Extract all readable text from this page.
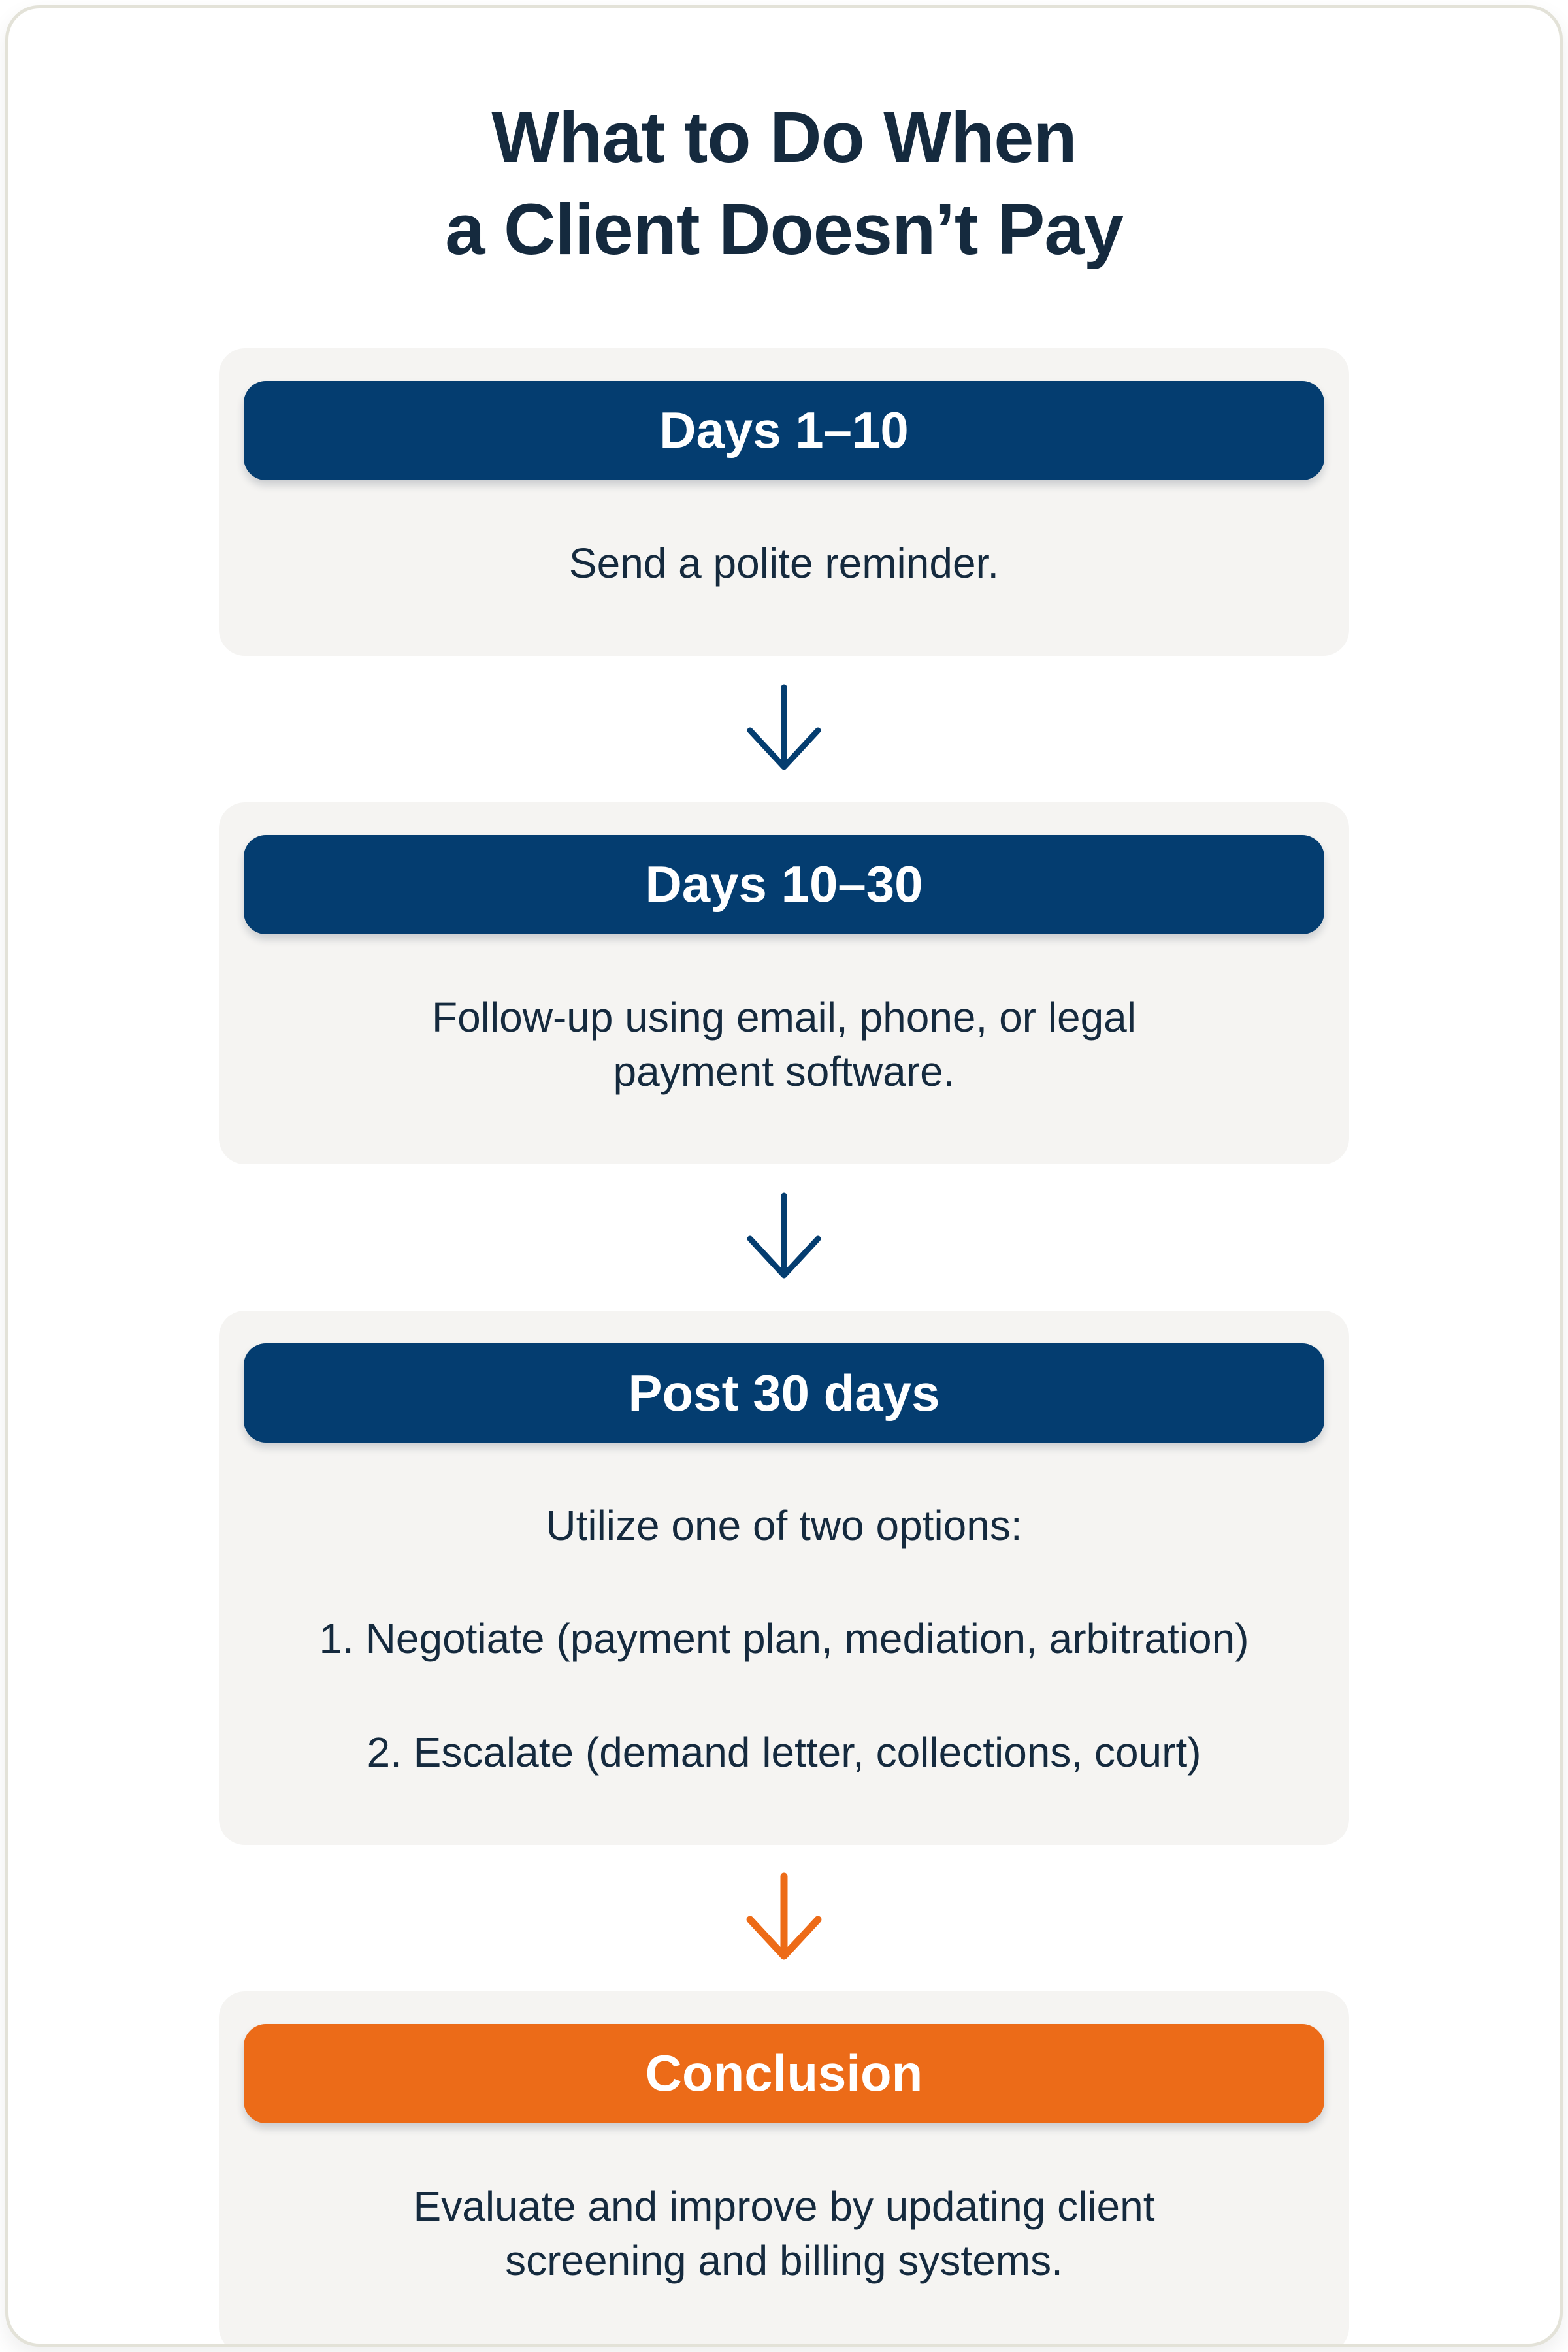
What to Do When
a Client Doesn’t Pay
Days 1–10

Send a polite reminder.

Days 10–30

Follow-up using email, phone, or legal payment software.

Post 30 days

Utilize one of two options:

1. Negotiate (payment plan, mediation, arbitration)

2. Escalate (demand letter, collections, court)

Conclusion

Evaluate and improve by updating client screening and billing systems.
